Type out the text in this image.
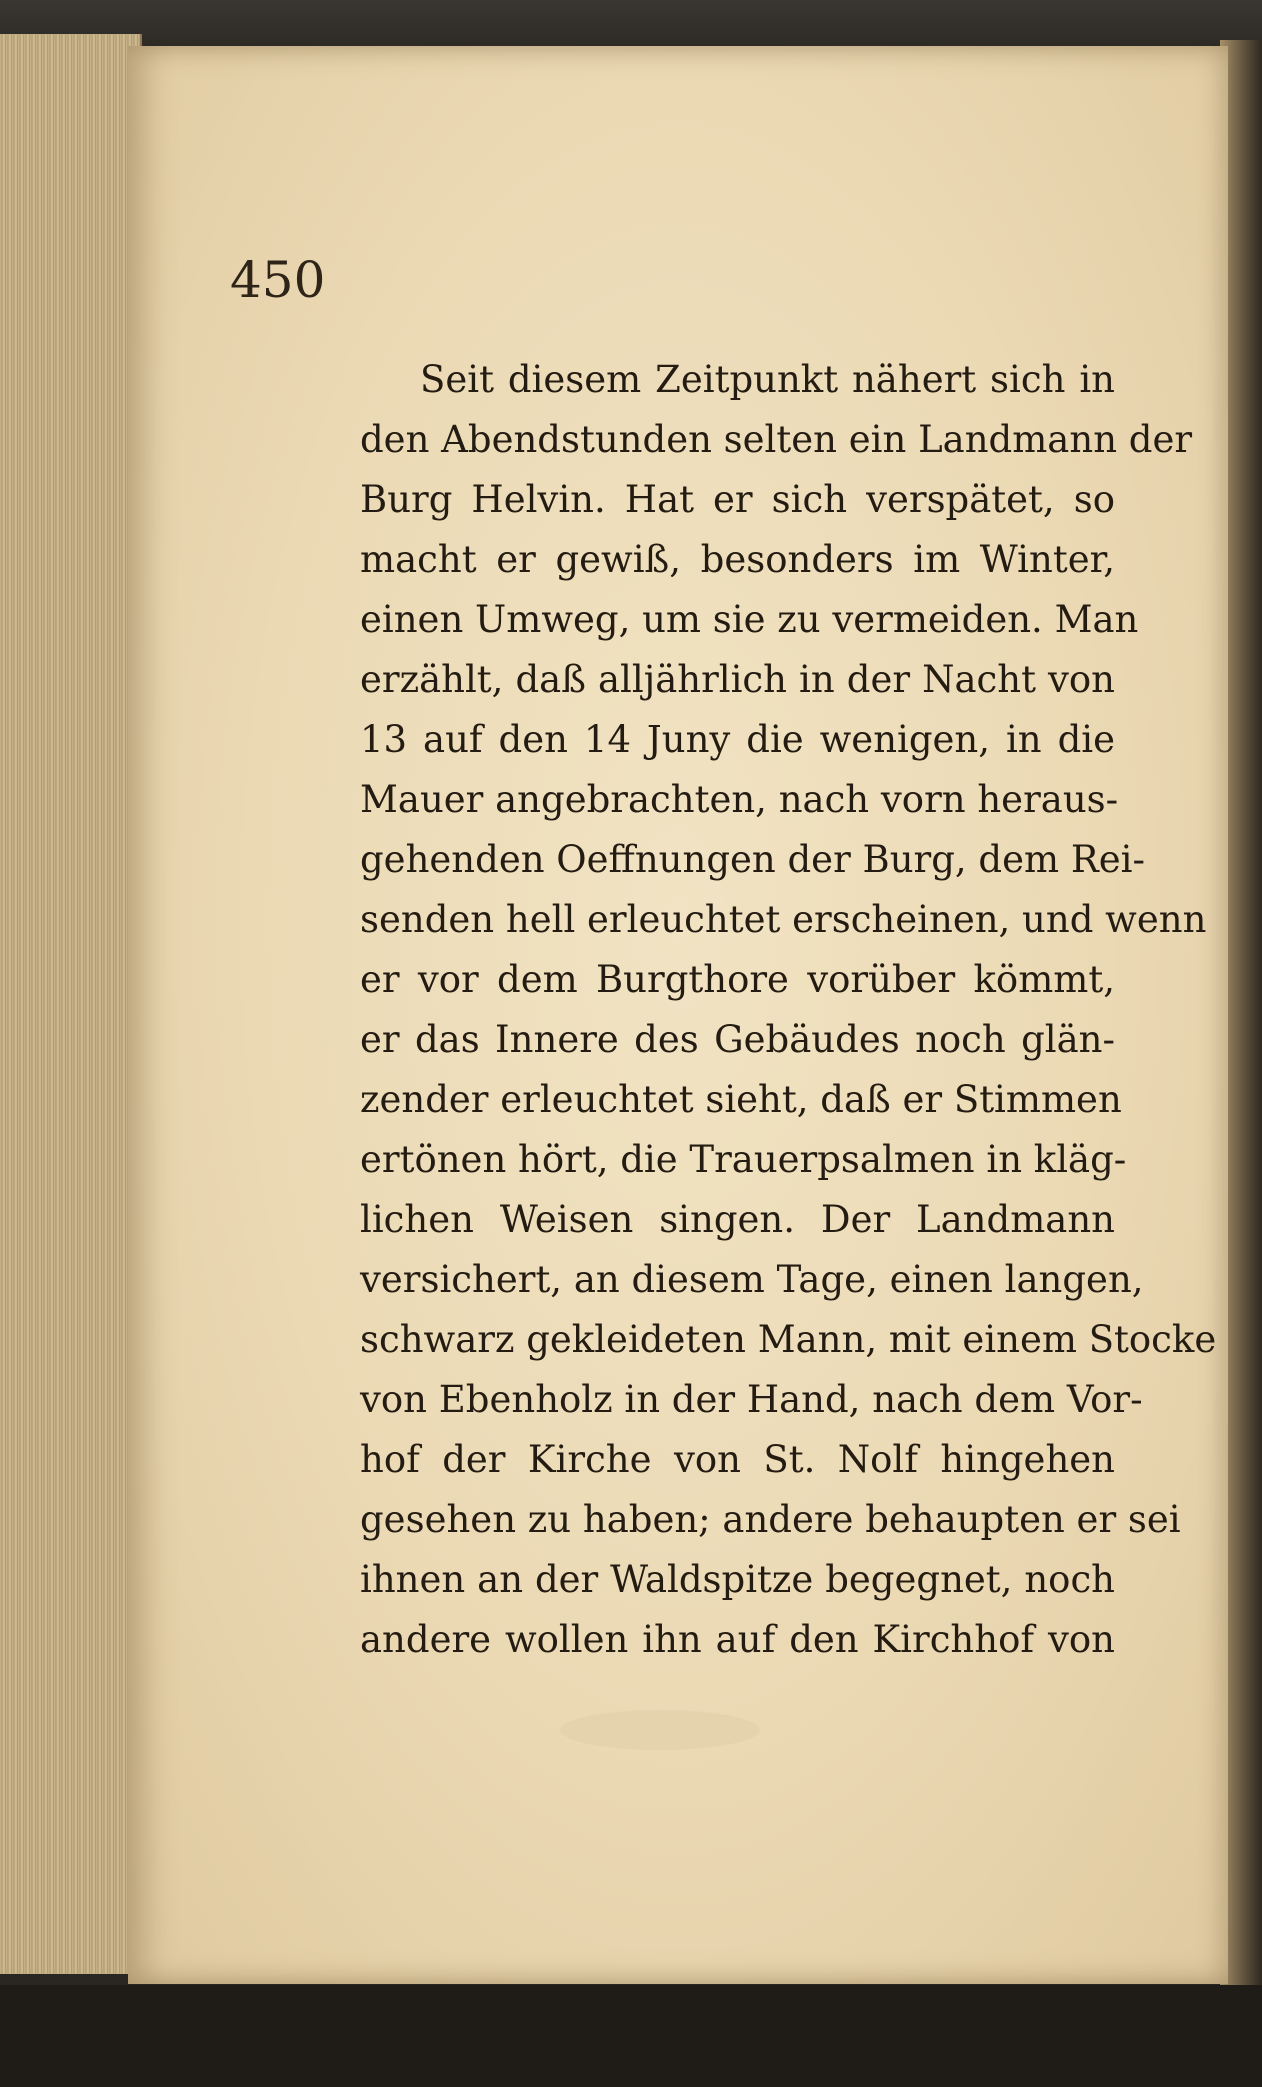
450
Seit diesem Zeitpunkt nähert sich in
den Abendstunden selten ein Landmann der
Burg Helvin. Hat er sich verspätet, so
macht er gewiß, besonders im Winter,
einen Umweg, um sie zu vermeiden. Man
erzählt, daß alljährlich in der Nacht von
13 auf den 14 Juny die wenigen, in die
Mauer angebrachten, nach vorn heraus-
gehenden Oeffnungen der Burg, dem Rei-
senden hell erleuchtet erscheinen, und wenn
er vor dem Burgthore vorüber kömmt,
er das Innere des Gebäudes noch glän-
zender erleuchtet sieht, daß er Stimmen
ertönen hört, die Trauerpsalmen in kläg-
lichen Weisen singen. Der Landmann
versichert, an diesem Tage, einen langen,
schwarz gekleideten Mann, mit einem Stocke
von Ebenholz in der Hand, nach dem Vor-
hof der Kirche von St. Nolf hingehen
gesehen zu haben; andere behaupten er sei
ihnen an der Waldspitze begegnet, noch
andere wollen ihn auf den Kirchhof von
